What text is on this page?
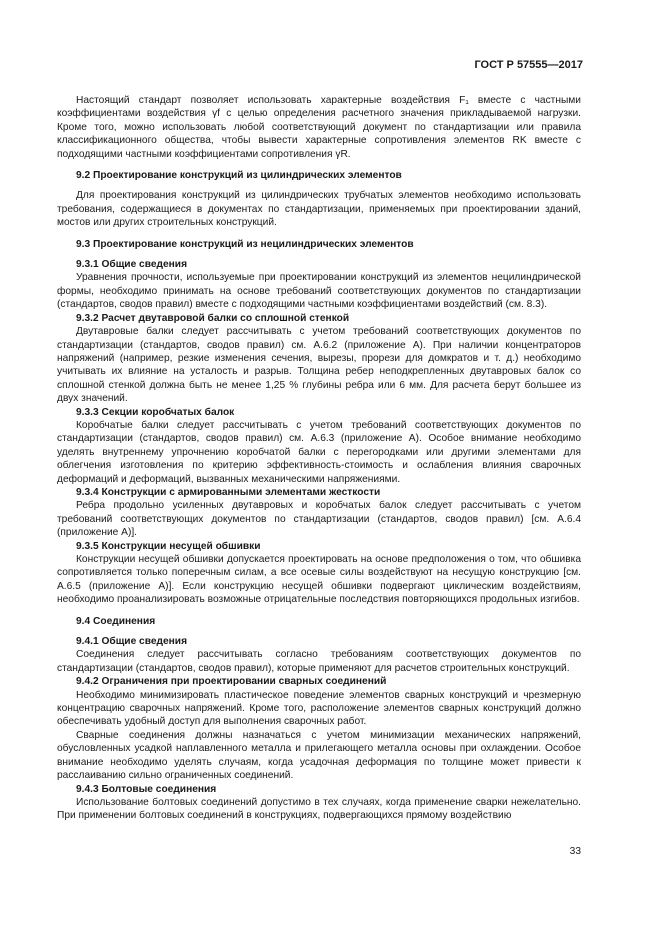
ГОСТ Р 57555—2017

Настоящий стандарт позволяет использовать характерные воздействия F₁ вместе с частными коэффициентами воздействия γf с целью определения расчетного значения прикладываемой нагрузки. Кроме того, можно использовать любой соответствующий документ по стандартизации или правила классификационного общества, чтобы вывести характерные сопротивления элементов RK вместе с подходящими частными коэффициентами сопротивления γR.

9.2 Проектирование конструкций из цилиндрических элементов

Для проектирования конструкций из цилиндрических трубчатых элементов необходимо использовать требования, содержащиеся в документах по стандартизации, применяемых при проектировании зданий, мостов или других строительных конструкций.

9.3 Проектирование конструкций из нецилиндрических элементов
9.3.1 Общие сведения

Уравнения прочности, используемые при проектировании конструкций из элементов нецилиндрической формы, необходимо принимать на основе требований соответствующих документов по стандартизации (стандартов, сводов правил) вместе с подходящими частными коэффициентами воздействий (см. 8.3).

9.3.2 Расчет двутавровой балки со сплошной стенкой

Двутавровые балки следует рассчитывать с учетом требований соответствующих документов по стандартизации (стандартов, сводов правил) см. А.6.2 (приложение А). При наличии концентраторов напряжений (например, резкие изменения сечения, вырезы, прорези для домкратов и т. д.) необходимо учитывать их влияние на усталость и разрыв. Толщина ребер неподкрепленных двутавровых балок со сплошной стенкой должна быть не менее 1,25 % глубины ребра или 6 мм. Для расчета берут большее из двух значений.

9.3.3 Секции коробчатых балок

Коробчатые балки следует рассчитывать с учетом требований соответствующих документов по стандартизации (стандартов, сводов правил) см. А.6.3 (приложение А). Особое внимание необходимо уделять внутреннему упрочнению коробчатой балки с перегородками или другими элементами для облегчения изготовления по критерию эффективность-стоимость и ослабления влияния сварочных деформаций и деформаций, вызванных механическими напряжениями.

9.3.4 Конструкции с армированными элементами жесткости

Ребра продольно усиленных двутавровых и коробчатых балок следует рассчитывать с учетом требований соответствующих документов по стандартизации (стандартов, сводов правил) [см. А.6.4 (приложение А)].

9.3.5 Конструкции несущей обшивки

Конструкции несущей обшивки допускается проектировать на основе предположения о том, что обшивка сопротивляется только поперечным силам, а все осевые силы воздействуют на несущую конструкцию [см. А.6.5 (приложение А)]. Если конструкцию несущей обшивки подвергают циклическим воздействиям, необходимо проанализировать возможные отрицательные последствия повторяющихся продольных изгибов.

9.4 Соединения
9.4.1 Общие сведения

Соединения следует рассчитывать согласно требованиям соответствующих документов по стандартизации (стандартов, сводов правил), которые применяют для расчетов строительных конструкций.

9.4.2 Ограничения при проектировании сварных соединений

Необходимо минимизировать пластическое поведение элементов сварных конструкций и чрезмерную концентрацию сварочных напряжений. Кроме того, расположение элементов сварных конструкций должно обеспечивать удобный доступ для выполнения сварочных работ.

Сварные соединения должны назначаться с учетом минимизации механических напряжений, обусловленных усадкой наплавленного металла и прилегающего металла основы при охлаждении. Особое внимание необходимо уделять случаям, когда усадочная деформация по толщине может привести к расслаиванию сильно ограниченных соединений.

9.4.3 Болтовые соединения

Использование болтовых соединений допустимо в тех случаях, когда применение сварки нежелательно. При применении болтовых соединений в конструкциях, подвергающихся прямому воздействию

33
